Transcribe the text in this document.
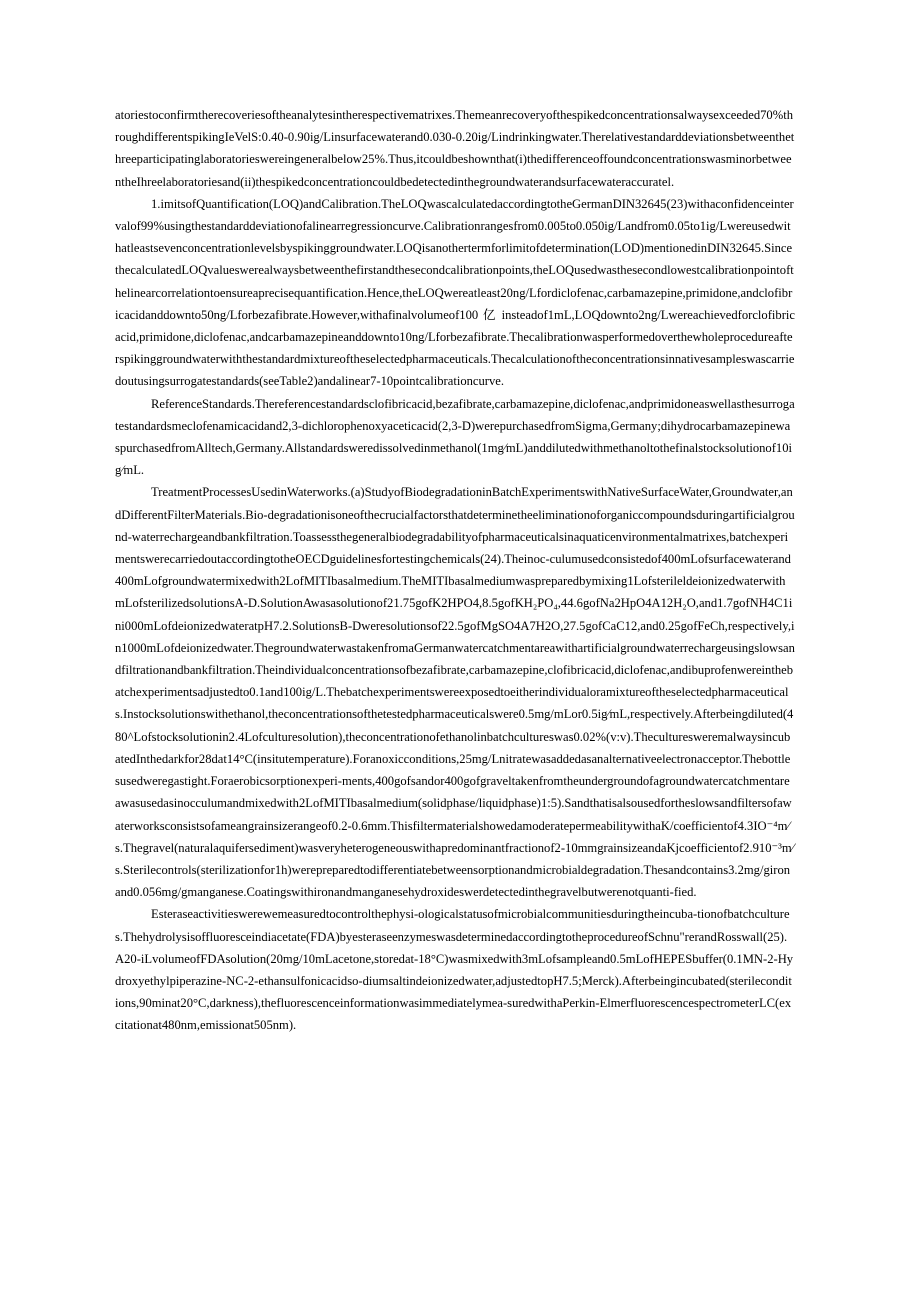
atoriestoconfirmtherecoveriesoftheanalytesintherespectivematrixes.Themeanrecoveryofthespikedconcentrationsalwaysexceeded70%throughdifferentspikingIeVelS:0.40-0.90ig/Linsurfacewaterand0.030-0.20ig/Lindrinkingwater.Therelativestandarddeviationsbetweenthethreeparticipatinglaboratorieswereingeneralbelow25%.Thus,itcouldbeshownthat(i)thedifferenceoffoundconcentrationswasminorbetweentheIhreelaboratoriesand(ii)thespikedconcentrationcouldbedetectedinthegroundwaterandsurfacewateraccuratel.

1.imitsofQuantification(LOQ)andCalibration.TheLOQwascalculatedaccordingtotheGermanDIN32645(23)withaconfidenceintervalof99%usingthestandarddeviationofalinearregressioncurve.Calibrationrangesfrom0.005to0.050ig/Landfrom0.05to1ig/Lwereusedwithatleastsevenconcentrationlevelsbyspikinggroundwater.LOQisanothertermforlimitofdetermination(LOD)mentionedinDIN32645.SincethecalculatedLOQvalueswerealwaysbetweenthefirstandthesecondcalibrationpoints,theLOQusedwasthesecondlowestcalibrationpointofthelinearcorrelationtoensureaprecisequantification.Hence,theLOQwereatleast20ng/Lfordiclofenac,carbamazepine,primidone,andclofibricacidanddownto50ng/Lforbezafibrate.However,withafinalvolumeof100 亿 insteadof1mL,LOQdownto2ng/Lwereachievedforclofibricacid,primidone,diclofenac,andcarbamazepineanddownto10ng/Lforbezafibrate.Thecalibrationwasperformedoverthewholeprocedureafterspikinggroundwaterwiththestandardmixtureoftheselectedpharmaceuticals.Thecalculationoftheconcentrationsinnativesampleswascarriedoutusingsurrogatestandards(seeTable2)andalinear7-10pointcalibrationcurve.

ReferenceStandards.Thereferencestandardsclofibricacid,bezafibrate,carbamazepine,diclofenac,andprimidoneaswellasthesurrogatestandardsmeclofenamicacidand2,3-dichlorophenoxyaceticacid(2,3-D)werepurchasedfromSigma,Germany;dihydrocarbamazepinewaspurchasedfromAlltech,Germany.Allstandardsweredissolvedinmethanol(1mg⁄mL)anddilutedwithmethanoltothefinalstocksolutionof10ig⁄mL.

TreatmentProcessesUsedinWaterworks.(a)StudyofBiodegradationinBatchExperimentswithNativeSurfaceWater,Groundwater,andDifferentFilterMaterials.Bio-degradationisoneofthecrucialfactorsthatdeterminetheeliminationoforganiccompoundsduringartificialground-waterrechargeandbankfiltration.Toassessthegeneralbiodegradabilityofpharmaceuticalsinaquaticenvironmentalmatrixes,batchexperimentswerecarriedoutaccordingtotheOECDguidelinesfortestingchemicals(24).Theinoc-culumusedconsistedof400mLofsurfacewaterand400mLofgroundwatermixedwith2LofMITIbasalmedium.TheMITIbasalmediumwaspreparedbymixing1LofsterileldeionizedwaterwithmLofsterilizedsolutionsA-D.SolutionAwasasolutionof21.75gofK2HPO4,8.5gofKH₂PO₄,44.6gofNa2HpO4A12H₂O,and1.7gofNH4C1ini000mLofdeionizedwateratpH7.2.SolutionsB-Dweresolutionsof22.5gofMgSO4A7H2O,27.5gofCaC12,and0.25gofFeCh,respectively,in1000mLofdeionizedwater.ThegroundwaterwastakenfromaGermanwatercatchmentareawithartificialgroundwaterrechargeusingslowsandfiltrationandbankfiltration.Theindividualconcentrationsofbezafibrate,carbamazepine,clofibricacid,diclofenac,andibuprofenwereinthebatchexperimentsadjustedto0.1and100ig/L.Thebatchexperimentswereexposedtoeitherindividualoramixtureoftheselectedpharmaceuticals.Instocksolutionswithethanol,theconcentrationsofthetestedpharmaceuticalswere0.5mg/mLor0.5ig⁄mL,respectively.Afterbeingdiluted(480^Lofstocksolutionin2.4Lofculturesolution),theconcentrationofethanolinbatchcultureswas0.02%(v:v).TheculturesweremalwaysincubatedInthedarkfor28dat14°C(insitutemperature).Foranoxicconditions,25mg/Lnitratewasaddedasanalternativeelectronacceptor.Thebottlesusedweregastight.Foraerobicsorptionexperi-ments,400gofsandor400gofgraveltakenfromtheundergroundofagroundwatercatchmentareawasusedasinocculumandmixedwith2LofMITIbasalmedium(solidphase/liquidphase)1:5).Sandthatisalsousedfortheslowsandfiltersofawaterworksconsistsofameangrainsizerangeof0.2-0.6mm.ThisfiltermaterialshowedamoderatepermeabilitywithaK/coefficientof4.3IO⁻⁴m⁄s.Thegravel(naturalaquifersediment)wasveryheterogeneouswithapredominantfractionof2-10mmgrainsizeandaKjcoefficientof2.910⁻³m⁄s.Sterilecontrols(sterilizationfor1h)werepreparedtodifferentiatebetweensorptionandmicrobialdegradation.Thesandcontains3.2mg/gironand0.056mg/gmanganese.Coatingswithironandmanganesehydroxideswerdetectedinthegravelbutwerenotquanti-fied.

Esteraseactivitieswerewemeasuredtocontrolthephysi-ologicalstatusofmicrobialcommunitiesduringtheincuba-tionofbatchcultures.Thehydrolysisoffluoresceindiacetate(FDA)byesteraseenzymeswasdeterminedaccordingtotheprocedureofSchnu"rerandRosswall(25).A20-iLvolumeofFDAsolution(20mg/10mLacetone,storedat-18°C)wasmixedwith3mLofsampleand0.5mLofHEPESbuffer(0.1MN-2-Hydroxyethylpiperazine-NC-2-ethansulfonicacidso-diumsaltindeionizedwater,adjustedtopH7.5;Merck).Afterbeingincubated(sterileconditions,90minat20°C,darkness),thefluorescenceinformationwasimmediatelymea-suredwithaPerkin-ElmerfluorescencespectrometerLC(excitationat480nm,emissionat505nm).
